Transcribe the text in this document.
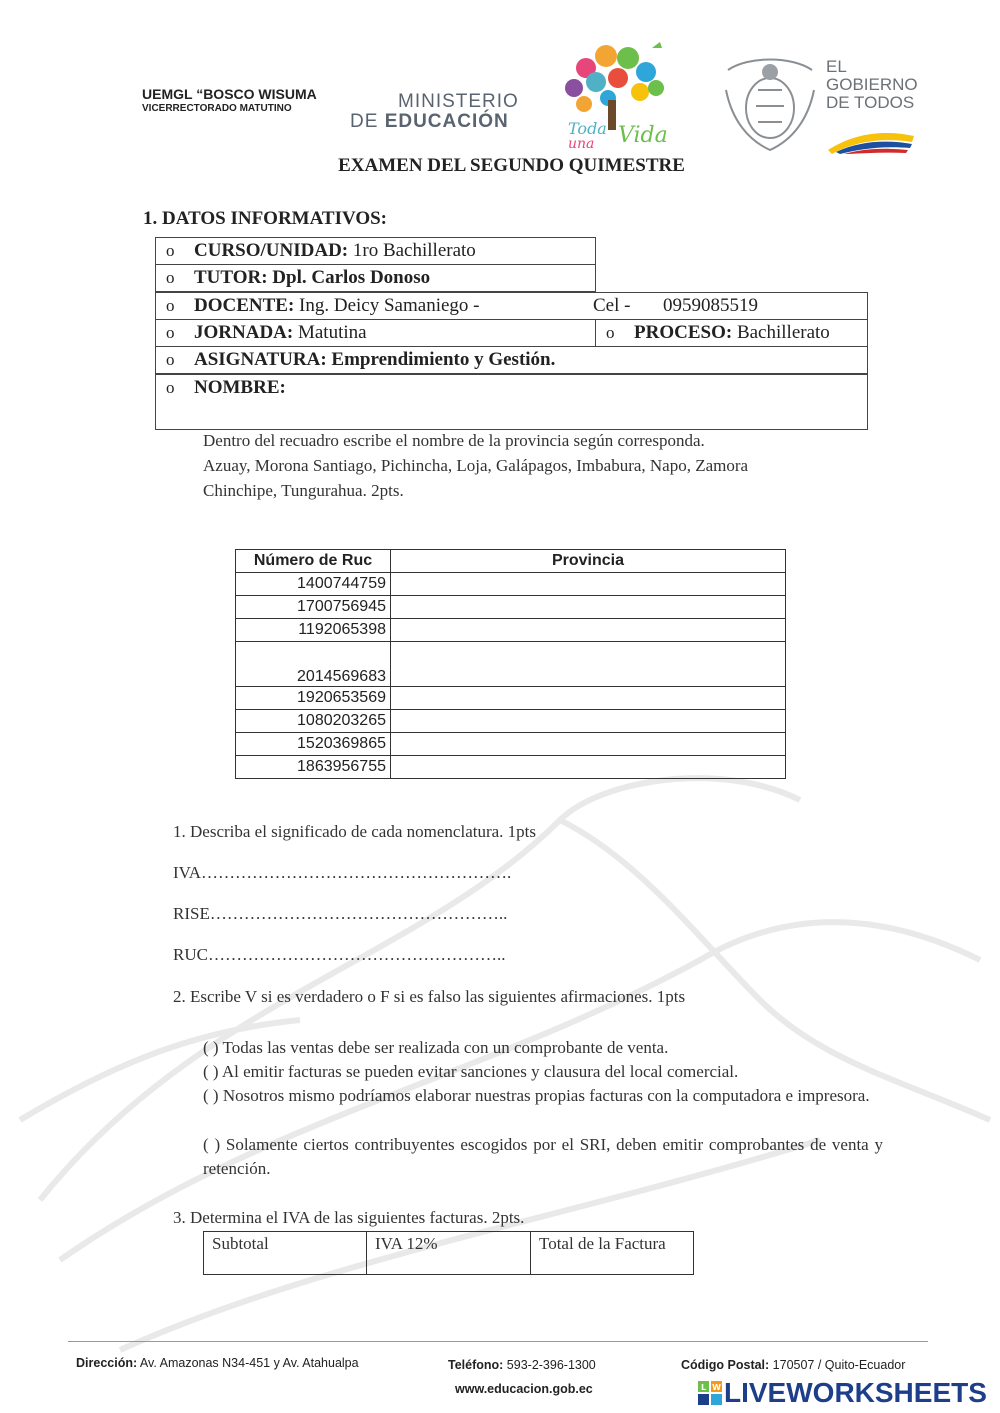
UEMGL “BOSCO WISUMA
VICERRECTORADO MATUTINO	MINISTERIO
DE EDUCACIÓN	Toda
una Vida
EL
GOBIERNO
DE TODOS
EXAMEN DEL SEGUNDO QUIMESTRE
1. DATOS INFORMATIVOS:
o CURSO/UNIDAD: 1ro Bachillerato
o TUTOR: Dpl. Carlos Donoso
o DOCENTE: Ing. Deicy Samaniego -	Cel - 0959085519
o JORNADA: Matutina	o PROCESO: Bachillerato
o ASIGNATURA: Emprendimiento y Gestión.
o NOMBRE:
Dentro del recuadro escribe el nombre de la provincia según corresponda.
Azuay, Morona Santiago, Pichincha, Loja, Galápagos, Imbabura, Napo, Zamora
Chinchipe, Tungurahua. 2pts.
Número de Ruc	Provincia
1400744759	
1700756945	
1192065398	
2014569683	
1920653569	
1080203265	
1520369865	
1863956755	
1. Describa el significado de cada nomenclatura. 1pts
IVA……………………………………………….
RISE……………………………………………..
RUC……………………………………………..
2. Escribe V si es verdadero o F si es falso las siguientes afirmaciones. 1pts
( ) Todas las ventas debe ser realizada con un comprobante de venta.
( ) Al emitir facturas se pueden evitar sanciones y clausura del local comercial.
( ) Nosotros mismo podríamos elaborar nuestras propias facturas con la computadora e impresora.
( ) Solamente ciertos contribuyentes escogidos por el SRI, deben emitir comprobantes de venta y retención.
3. Determina el IVA de las siguientes facturas. 2pts.
Subtotal	IVA 12%	Total de la Factura
Dirección: Av. Amazonas N34-451 y Av. Atahualpa	Teléfono: 593-2-396-1300
www.educacion.gob.ec
Código Postal: 170507 / Quito-Ecuador
L W LIVEWORKSHEETS
